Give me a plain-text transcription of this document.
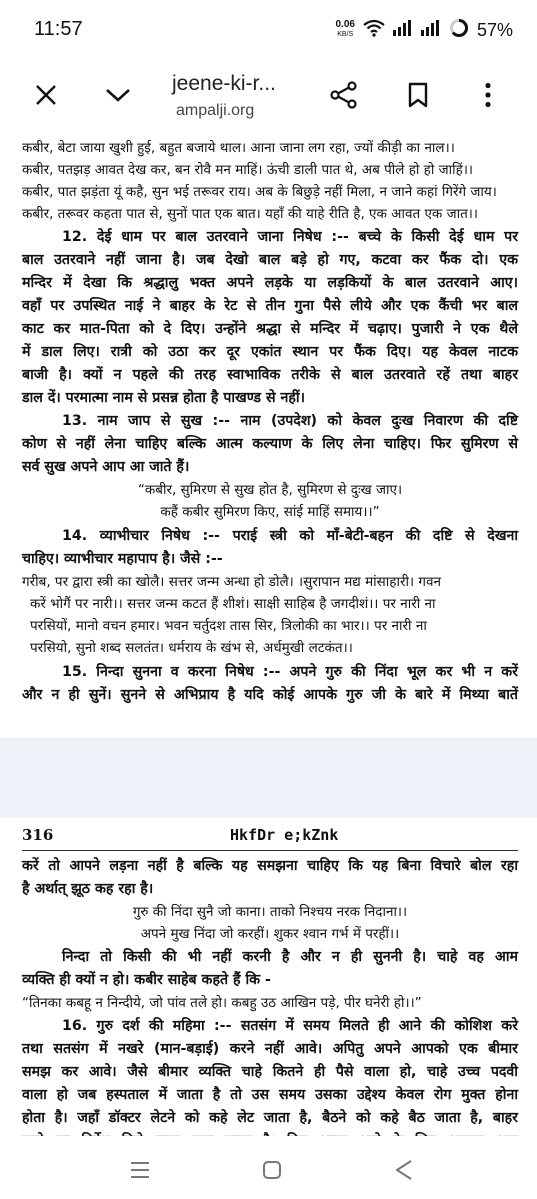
11:57	0.06
KB/S	57%
jeene-ki-r...
ampalji.org
कबीर, बेटा जाया खुशी हुई, बहुत बजाये थाल। आना जाना लग रहा, ज्यों कीड़ी का नाल।।
कबीर, पतझड़ आवत देख कर, बन रोवै मन माहिं। ऊंची डाली पात थे, अब पीले हो हो जाहिं।।
कबीर, पात झड़ंता यूं कहै, सुन भई तरूवर राय। अब के बिछुड़े नहीं मिला, न जाने कहां गिरेंगे जाय।
कबीर, तरूवर कहता पात से, सुनों पात एक बात। यहाँ की याहे रीति है, एक आवत एक जात।।
12. देई धाम पर बाल उतरवाने जाना निषेध :-- बच्चे के किसी देई धाम पर
बाल उतरवाने नहीं जाना है। जब देखो बाल बड़े हो गए, कटवा कर फैंक दो। एक
मन्दिर में देखा कि श्रद्धालु भक्त अपने लड़के या लड़कियों के बाल उतरवाने आए।
वहाँ पर उपस्थित नाई ने बाहर के रेट से तीन गुना पैसे लीये और एक कैंची भर बाल
काट कर मात-पिता को दे दिए। उन्होंने श्रद्धा से मन्दिर में चढ़ाए। पुजारी ने एक थैले
में डाल लिए। रात्री को उठा कर दूर एकांत स्थान पर फैंक दिए। यह केवल नाटक
बाजी है। क्यों न पहले की तरह स्वाभाविक तरीके से बाल उतरवाते रहें तथा बाहर
डाल दें। परमात्मा नाम से प्रसन्न होता है पाखण्ड से नहीं।
13. नाम जाप से सुख :-- नाम (उपदेश) को केवल दुःख निवारण की दष्टि
कोण से नहीं लेना चाहिए बल्कि आत्म कल्याण के लिए लेना चाहिए। फिर सुमिरण से
सर्व सुख अपने आप आ जाते हैं।
“कबीर, सुमिरण से सुख होत है, सुमिरण से दुःख जाए।
कहैं कबीर सुमिरण किए, सांई माहिं समाय।।”
14. व्याभीचार निषेध :-- पराई स्त्री को माँ-बेटी-बहन की दष्टि से देखना
चाहिए। व्याभीचार महापाप है। जैसे :--
गरीब, पर द्वारा स्त्री का खोलै। सत्तर जन्म अन्धा हो डोलै। ।सुरापान मद्य मांसाहारी। गवन
करें भोगैं पर नारी।। सत्तर जन्म कटत हैं शीशं। साक्षी साहिब है जगदीशं।। पर नारी ना
परसियों, मानो वचन हमार। भवन चर्तुदश तास सिर, त्रिलोकी का भार।। पर नारी ना
परसियो, सुनो शब्द सलतंत। धर्मराय के खंभ से, अर्धमुखी लटकंत।।
15. निन्दा सुनना व करना निषेध :-- अपने गुरु की निंदा भूल कर भी न करें
और न ही सुनें। सुनने से अभिप्राय है यदि कोई आपके गुरु जी के बारे में मिथ्या बातें
316	HkfDr e;kZnk
करें तो आपने लड़ना नहीं है बल्कि यह समझना चाहिए कि यह बिना विचारे बोल रहा
है अर्थात् झूठ कह रहा है।
गुरु की निंदा सुनै जो काना। ताको निश्चय नरक निदाना।।
अपने मुख निंदा जो करहीं। शुकर श्वान गर्भ में परहीं।।
निन्दा तो किसी की भी नहीं करनी है और न ही सुननी है। चाहे वह आम
व्यक्ति ही क्यों न हो। कबीर साहेब कहते हैं कि -
“तिनका कबहू न निन्दीये, जो पांव तले हो। कबहु उठ आखिन पड़े, पीर घनेरी हो।।”
16. गुरु दर्श की महिमा :-- सतसंग में समय मिलते ही आने की कोशिश करे
तथा सतसंग में नखरे (मान-बड़ाई) करने नहीं आवे। अपितु अपने आपको एक बीमार
समझ कर आवे। जैसे बीमार व्यक्ति चाहे कितने ही पैसे वाला हो, चाहे उच्च पदवी
वाला हो जब हस्पताल में जाता है तो उस समय उसका उद्देश्य केवल रोग मुक्त होना
होता है। जहाँ डॉक्टर लेटने को कहे लेट जाता है, बैठने को कहे बैठ जाता है, बाहर
